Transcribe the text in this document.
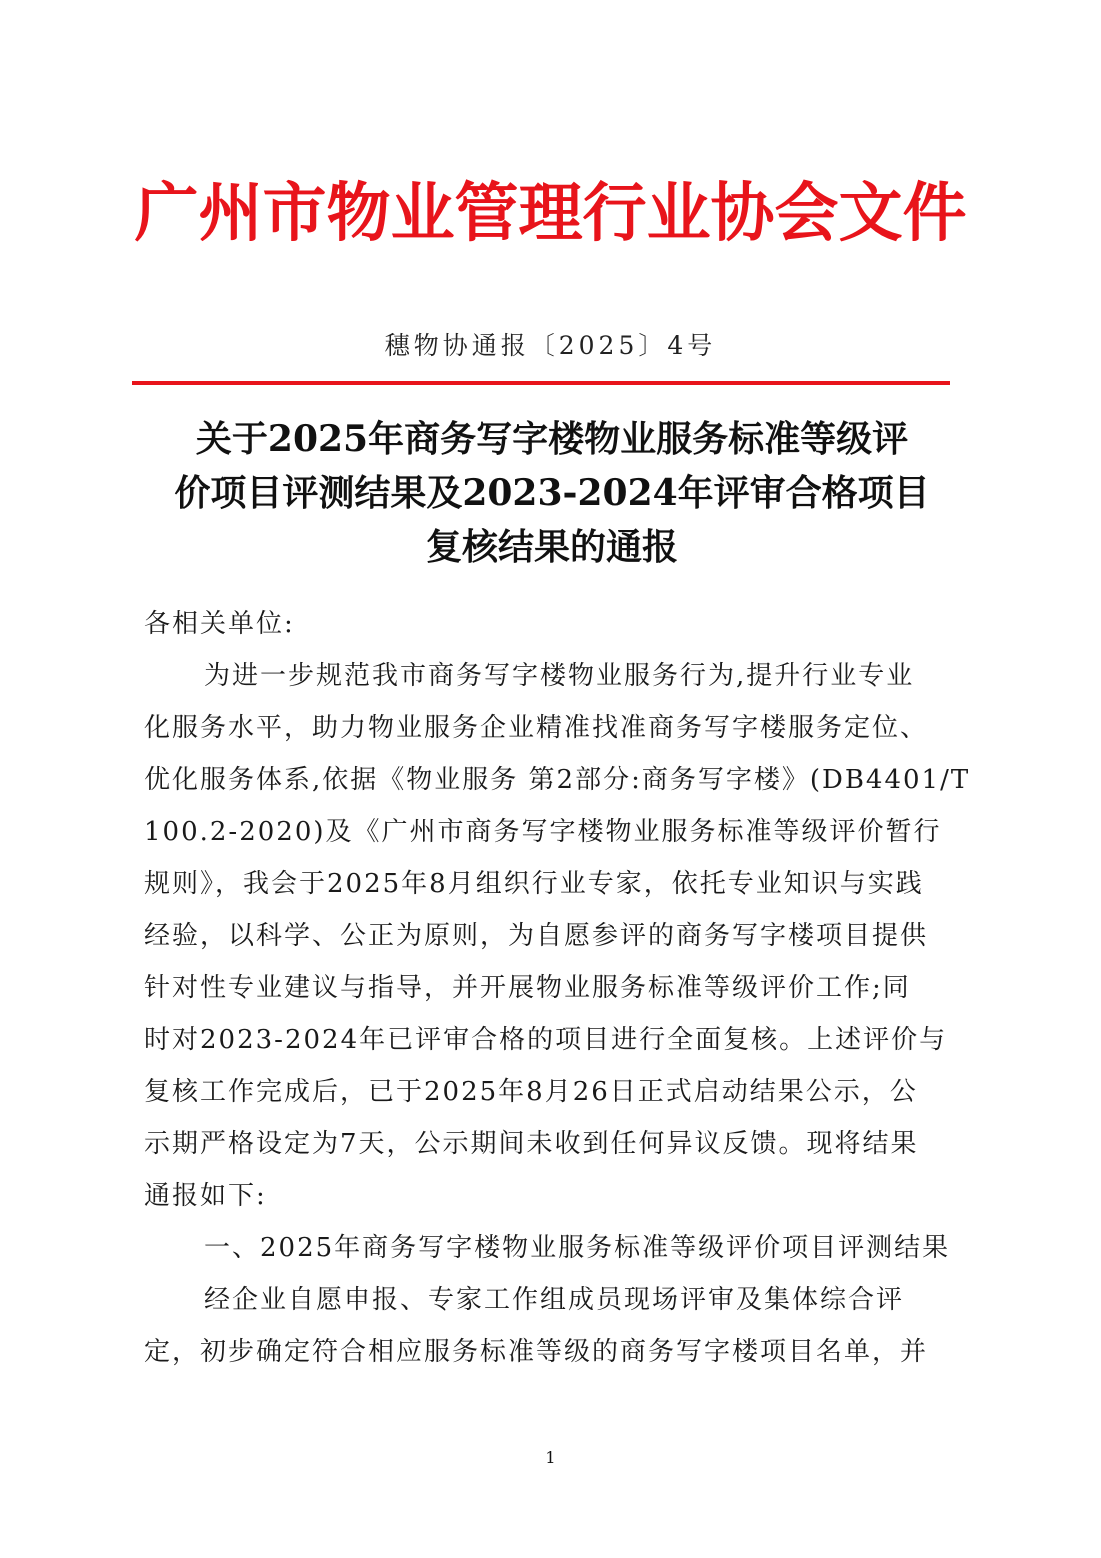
广州市物业管理行业协会文件
穗物协通报〔2025〕4号
关于2025年商务写字楼物业服务标准等级评
价项目评测结果及2023-2024年评审合格项目
复核结果的通报
各相关单位:
为进一步规范我市商务写字楼物业服务行为,提升行业专业
化服务水平，助力物业服务企业精准找准商务写字楼服务定位、
优化服务体系,依据《物业服务 第2部分:商务写字楼》(DB4401/T
100.2-2020)及《广州市商务写字楼物业服务标准等级评价暂行
规则》，我会于2025年8月组织行业专家，依托专业知识与实践
经验，以科学、公正为原则，为自愿参评的商务写字楼项目提供
针对性专业建议与指导，并开展物业服务标准等级评价工作;同
时对2023-2024年已评审合格的项目进行全面复核。上述评价与
复核工作完成后，已于2025年8月26日正式启动结果公示，公
示期严格设定为7天，公示期间未收到任何异议反馈。现将结果
通报如下:
一、2025年商务写字楼物业服务标准等级评价项目评测结果
经企业自愿申报、专家工作组成员现场评审及集体综合评
定，初步确定符合相应服务标准等级的商务写字楼项目名单，并
1
